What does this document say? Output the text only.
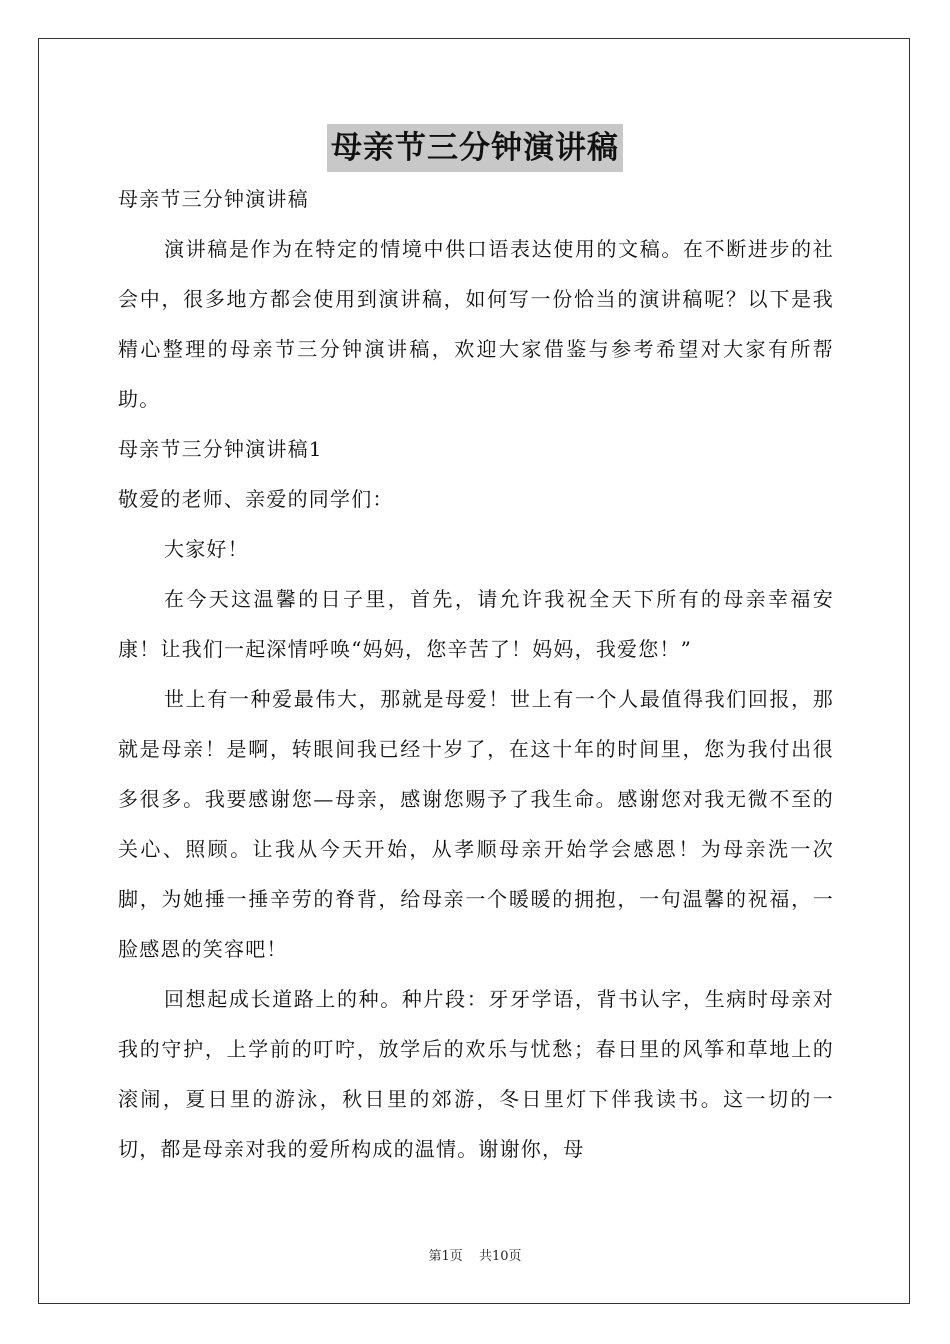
母亲节三分钟演讲稿

母亲节三分钟演讲稿

演讲稿是作为在特定的情境中供口语表达使用的文稿。在不断进步的社会中，很多地方都会使用到演讲稿，如何写一份恰当的演讲稿呢？以下是我精心整理的母亲节三分钟演讲稿，欢迎大家借鉴与参考希望对大家有所帮助。

母亲节三分钟演讲稿1

敬爱的老师、亲爱的同学们：

大家好！

在今天这温馨的日子里，首先，请允许我祝全天下所有的母亲幸福安康！让我们一起深情呼唤“妈妈，您辛苦了！妈妈，我爱您！”

世上有一种爱最伟大，那就是母爱！世上有一个人最值得我们回报，那就是母亲！是啊，转眼间我已经十岁了，在这十年的时间里，您为我付出很多很多。我要感谢您—母亲，感谢您赐予了我生命。感谢您对我无微不至的关心、照顾。让我从今天开始，从孝顺母亲开始学会感恩！为母亲洗一次脚，为她捶一捶辛劳的脊背，给母亲一个暖暖的拥抱，一句温馨的祝福，一脸感恩的笑容吧！

回想起成长道路上的种。种片段：牙牙学语，背书认字，生病时母亲对我的守护，上学前的叮咛，放学后的欢乐与忧愁；春日里的风筝和草地上的滚闹，夏日里的游泳，秋日里的郊游，冬日里灯下伴我读书。这一切的一切，都是母亲对我的爱所构成的温情。谢谢你，母

第1页 共10页
